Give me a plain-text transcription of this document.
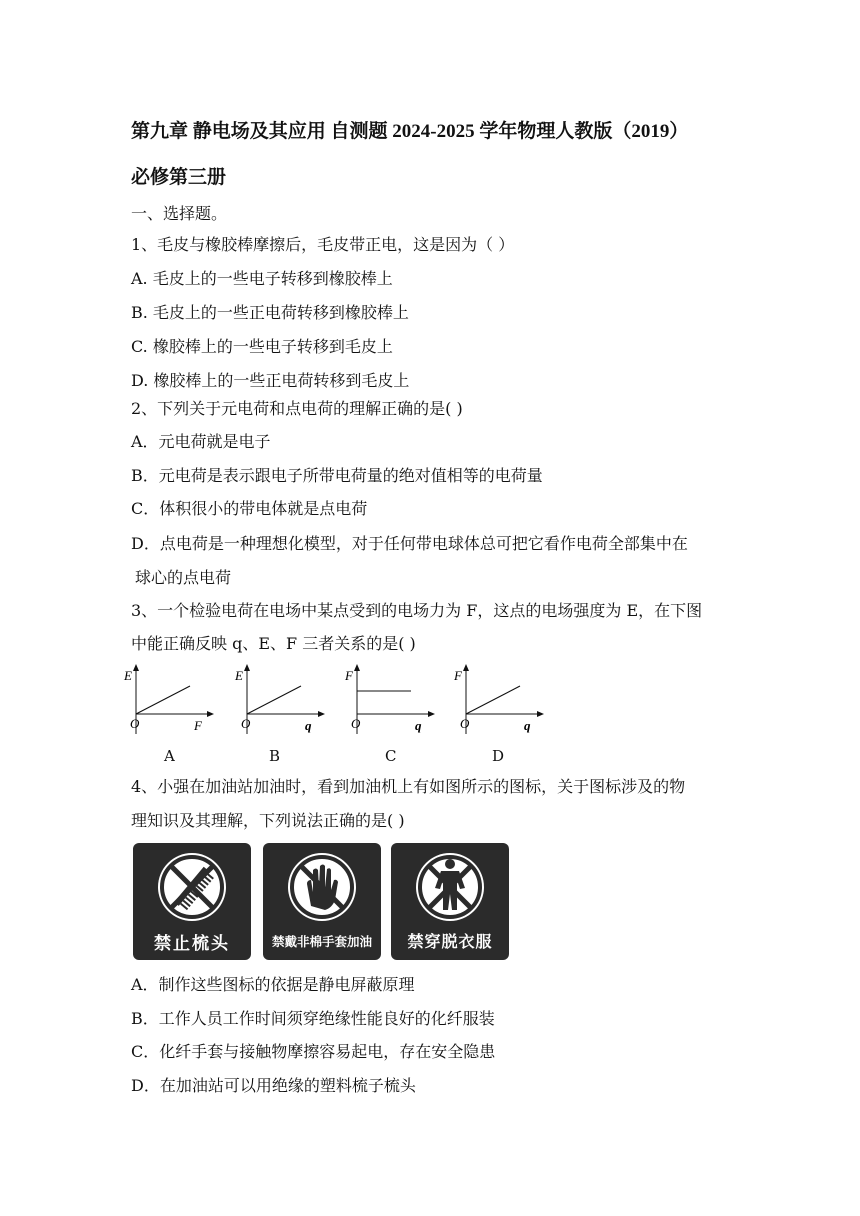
第九章 静电场及其应用 自测题 2024-2025 学年物理人教版（2019）
必修第三册
一、选择题。
1、毛皮与橡胶棒摩擦后，毛皮带正电，这是因为（ ）
A. 毛皮上的一些电子转移到橡胶棒上
B. 毛皮上的一些正电荷转移到橡胶棒上
C. 橡胶棒上的一些电子转移到毛皮上
D. 橡胶棒上的一些正电荷转移到毛皮上
2、下列关于元电荷和点电荷的理解正确的是( )
A．元电荷就是电子
B．元电荷是表示跟电子所带电荷量的绝对值相等的电荷量
C．体积很小的带电体就是点电荷
D．点电荷是一种理想化模型，对于任何带电球体总可把它看作电荷全部集中在
球心的点电荷
3、一个检验电荷在电场中某点受到的电场力为 F，这点的电场强度为 E，在下图
中能正确反映 q、E、F 三者关系的是( )
E
O	F
A
E
O	q
B
F
O	q
C
F
O	q
D
4、小强在加油站加油时，看到加油机上有如图所示的图标，关于图标涉及的物
理知识及其理解，下列说法正确的是( )
禁止梳头	禁戴非棉手套加油	禁穿脱衣服
A．制作这些图标的依据是静电屏蔽原理
B．工作人员工作时间须穿绝缘性能良好的化纤服装
C．化纤手套与接触物摩擦容易起电，存在安全隐患
D．在加油站可以用绝缘的塑料梳子梳头
